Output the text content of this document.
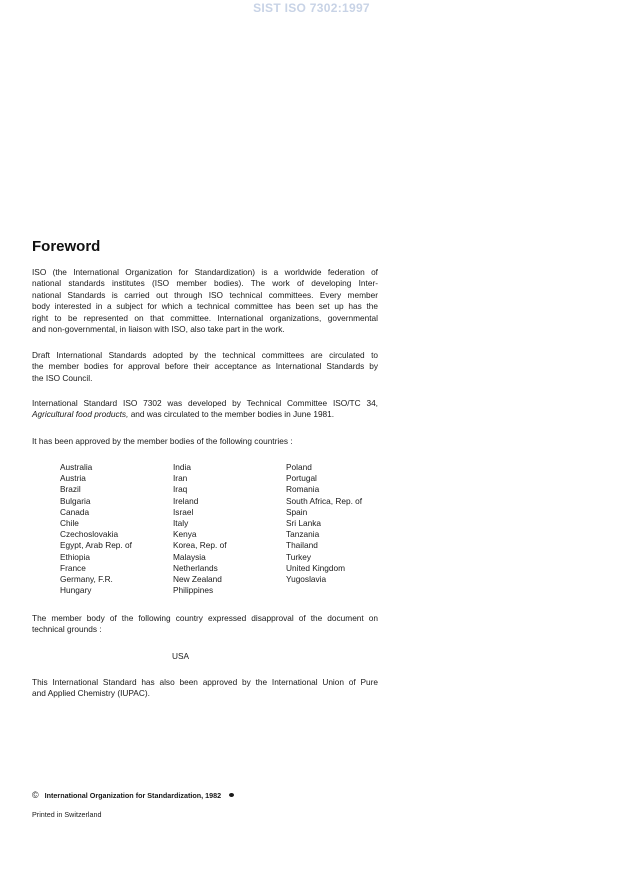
SIST ISO 7302:1997
Foreword

ISO (the International Organization for Standardization) is a worldwide federation of
national standards institutes (ISO member bodies). The work of developing Inter-
national Standards is carried out through ISO technical committees. Every member
body interested in a subject for which a technical committee has been set up has the
right to be represented on that committee. International organizations, governmental
and non-governmental, in liaison with ISO, also take part in the work.

Draft International Standards adopted by the technical committees are circulated to
the member bodies for approval before their acceptance as International Standards by
the ISO Council.

International Standard ISO 7302 was developed by Technical Committee ISO/TC 34,
Agricultural food products, and was circulated to the member bodies in June 1981.

It has been approved by the member bodies of the following countries :

Australia
Austria
Brazil
Bulgaria
Canada
Chile
Czechoslovakia
Egypt, Arab Rep. of
Ethiopia
France
Germany, F.R.
Hungary
India
Iran
Iraq
Ireland
Israel
Italy
Kenya
Korea, Rep. of
Malaysia
Netherlands
New Zealand
Philippines
Poland
Portugal
Romania
South Africa, Rep. of
Spain
Sri Lanka
Tanzania
Thailand
Turkey
United Kingdom
Yugoslavia

The member body of the following country expressed disapproval of the document on
technical grounds :

USA

This International Standard has also been approved by the International Union of Pure
and Applied Chemistry (IUPAC).

© International Organization for Standardization, 1982
Printed in Switzerland
